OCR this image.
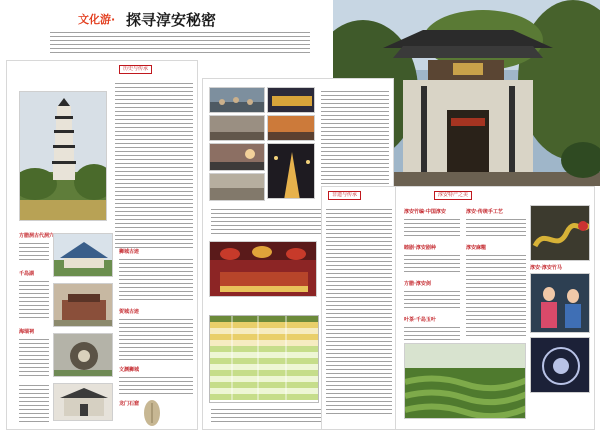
文化游· 探寻淳安秘密
历史与传承
方腊洞古代洞穴
千岛湖
海瑞祠
狮城古迹
贺城古迹
文渊狮城
龙门石窟
非遗与传承	淳安特产之美
淳安竹编·中国淳安
睦剧·淳安剧种
方腊·淳安剑
叶茶·千岛玉叶
淳安·传统手工艺
淳安麻糍
淳安·淳安竹马
